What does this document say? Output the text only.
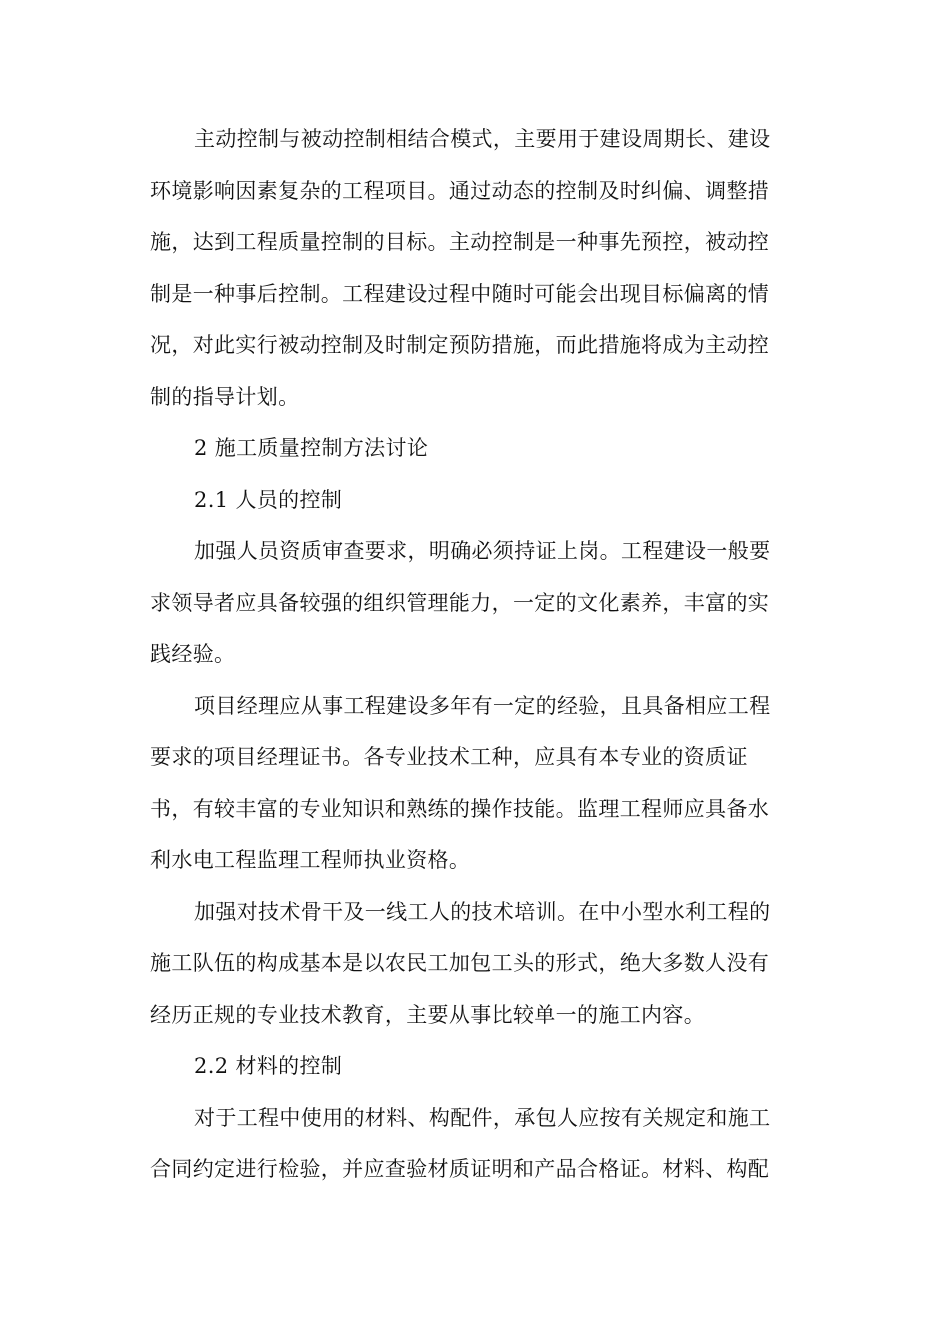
主动控制与被动控制相结合模式，主要用于建设周期长、建设
环境影响因素复杂的工程项目。通过动态的控制及时纠偏、调整措
施，达到工程质量控制的目标。主动控制是一种事先预控，被动控
制是一种事后控制。工程建设过程中随时可能会出现目标偏离的情
况，对此实行被动控制及时制定预防措施，而此措施将成为主动控
制的指导计划。
2 施工质量控制方法讨论
2.1 人员的控制
加强人员资质审查要求，明确必须持证上岗。工程建设一般要
求领导者应具备较强的组织管理能力，一定的文化素养，丰富的实
践经验。
项目经理应从事工程建设多年有一定的经验，且具备相应工程
要求的项目经理证书。各专业技术工种，应具有本专业的资质证
书，有较丰富的专业知识和熟练的操作技能。监理工程师应具备水
利水电工程监理工程师执业资格。
加强对技术骨干及一线工人的技术培训。在中小型水利工程的
施工队伍的构成基本是以农民工加包工头的形式，绝大多数人没有
经历正规的专业技术教育，主要从事比较单一的施工内容。
2.2 材料的控制
对于工程中使用的材料、构配件，承包人应按有关规定和施工
合同约定进行检验，并应查验材质证明和产品合格证。材料、构配
